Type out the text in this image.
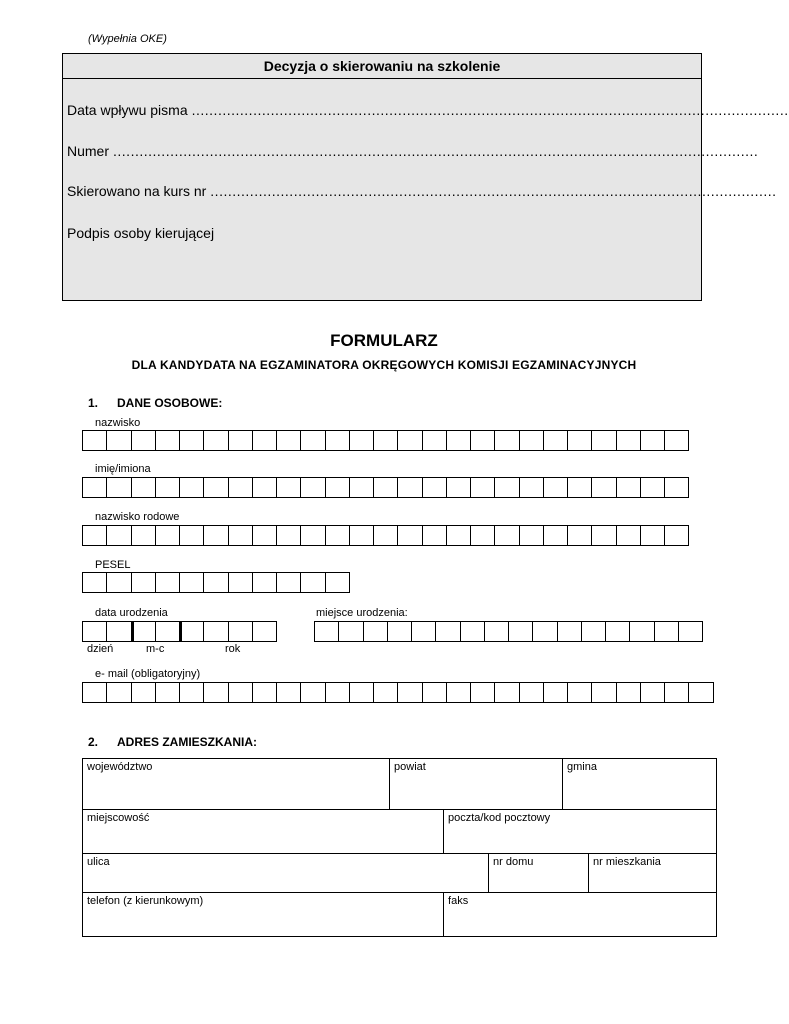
(Wypełnia OKE)
Decyzja o skierowaniu na szkolenie
Data wpływu pisma ........................................................................................................................................
Numer ...................................................................................................................................................
Skierowano na kurs nr .................................................................................................................................
Podpis osoby kierującej
FORMULARZ
DLA KANDYDATA NA EGZAMINATORA OKRĘGOWYCH KOMISJI EGZAMINACYJNYCH
1. DANE OSOBOWE:
nazwisko
imię/imiona
nazwisko rodowe
PESEL
data urodzenia	miejsce urodzenia:
dzień	m-c	rok
e- mail (obligatoryjny)
2. ADRES ZAMIESZKANIA:
województwo	powiat			gmina	
miejscowość		poczta/kod pocztowy			
ulica			nr domu		nr mieszkania
telefon (z kierunkowym)		faks			
